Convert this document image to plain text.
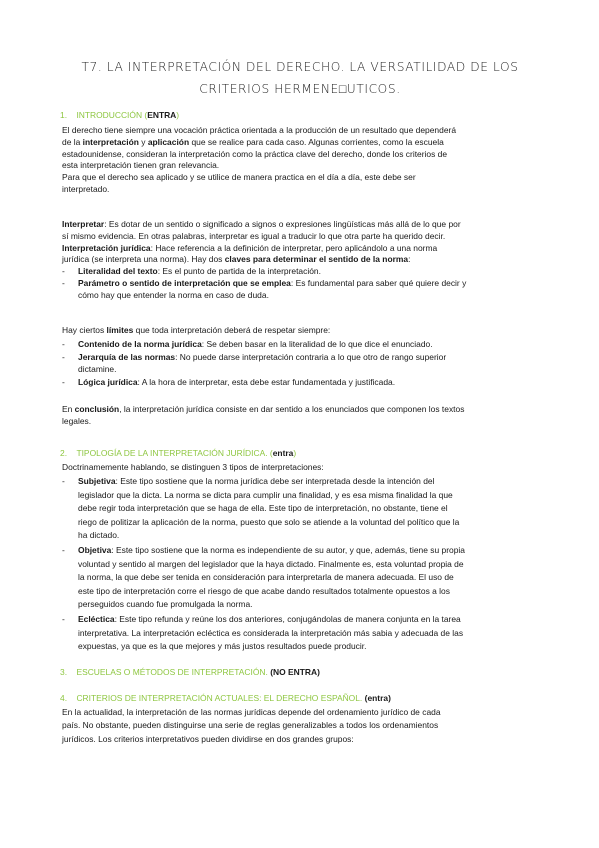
T7. LA INTERPRETACIÓN DEL DERECHO. LA VERSATILIDAD DE LOS
CRITERIOS HERMENE□UTICOS.
1. INTRODUCCIÓN (ENTRA)
El derecho tiene siempre una vocación práctica orientada a la producción de un resultado que dependerá
de la interpretación y aplicación que se realice para cada caso. Algunas corrientes, como la escuela
estadounidense, consideran la interpretación como la práctica clave del derecho, donde los criterios de
esta interpretación tienen gran relevancia.
Para que el derecho sea aplicado y se utilice de manera practica en el día a día, este debe ser
interpretado.
Interpretar: Es dotar de un sentido o significado a signos o expresiones lingüísticas más allá de lo que por
sí mismo evidencia. En otras palabras, interpretar es igual a traducir lo que otra parte ha querido decir.
Interpretación jurídica: Hace referencia a la definición de interpretar, pero aplicándolo a una norma
jurídica (se interpreta una norma). Hay dos claves para determinar el sentido de la norma:
- Literalidad del texto: Es el punto de partida de la interpretación.
- Parámetro o sentido de interpretación que se emplea: Es fundamental para saber qué quiere decir y
cómo hay que entender la norma en caso de duda.
Hay ciertos límites que toda interpretación deberá de respetar siempre:
- Contenido de la norma jurídica: Se deben basar en la literalidad de lo que dice el enunciado.
- Jerarquía de las normas: No puede darse interpretación contraria a lo que otro de rango superior
dictamine.
- Lógica jurídica: A la hora de interpretar, esta debe estar fundamentada y justificada.
En conclusión, la interpretación jurídica consiste en dar sentido a los enunciados que componen los textos
legales.
2. TIPOLOGÍA DE LA INTERPRETACIÓN JURÍDICA. (entra)
Doctrinamemente hablando, se distinguen 3 tipos de interpretaciones:
- Subjetiva: Este tipo sostiene que la norma jurídica debe ser interpretada desde la intención del
legislador que la dicta. La norma se dicta para cumplir una finalidad, y es esa misma finalidad la que
debe regir toda interpretación que se haga de ella. Este tipo de interpretación, no obstante, tiene el
riego de politizar la aplicación de la norma, puesto que solo se atiende a la voluntad del político que la
ha dictado.
- Objetiva: Este tipo sostiene que la norma es independiente de su autor, y que, además, tiene su propia
voluntad y sentido al margen del legislador que la haya dictado. Finalmente es, esta voluntad propia de
la norma, la que debe ser tenida en consideración para interpretarla de manera adecuada. El uso de
este tipo de interpretación corre el riesgo de que acabe dando resultados totalmente opuestos a los
perseguidos cuando fue promulgada la norma.
- Ecléctica: Este tipo refunda y reúne los dos anteriores, conjugándolas de manera conjunta en la tarea
interpretativa. La interpretación ecléctica es considerada la interpretación más sabia y adecuada de las
expuestas, ya que es la que mejores y más justos resultados puede producir.
3. ESCUELAS O MÉTODOS DE INTERPRETACIÓN. (NO ENTRA)
4. CRITERIOS DE INTERPRETACIÓN ACTUALES: EL DERECHO ESPAÑOL. (entra)
En la actualidad, la interpretación de las normas jurídicas depende del ordenamiento jurídico de cada
país. No obstante, pueden distinguirse una serie de reglas generalizables a todos los ordenamientos
jurídicos. Los criterios interpretativos pueden dividirse en dos grandes grupos:
